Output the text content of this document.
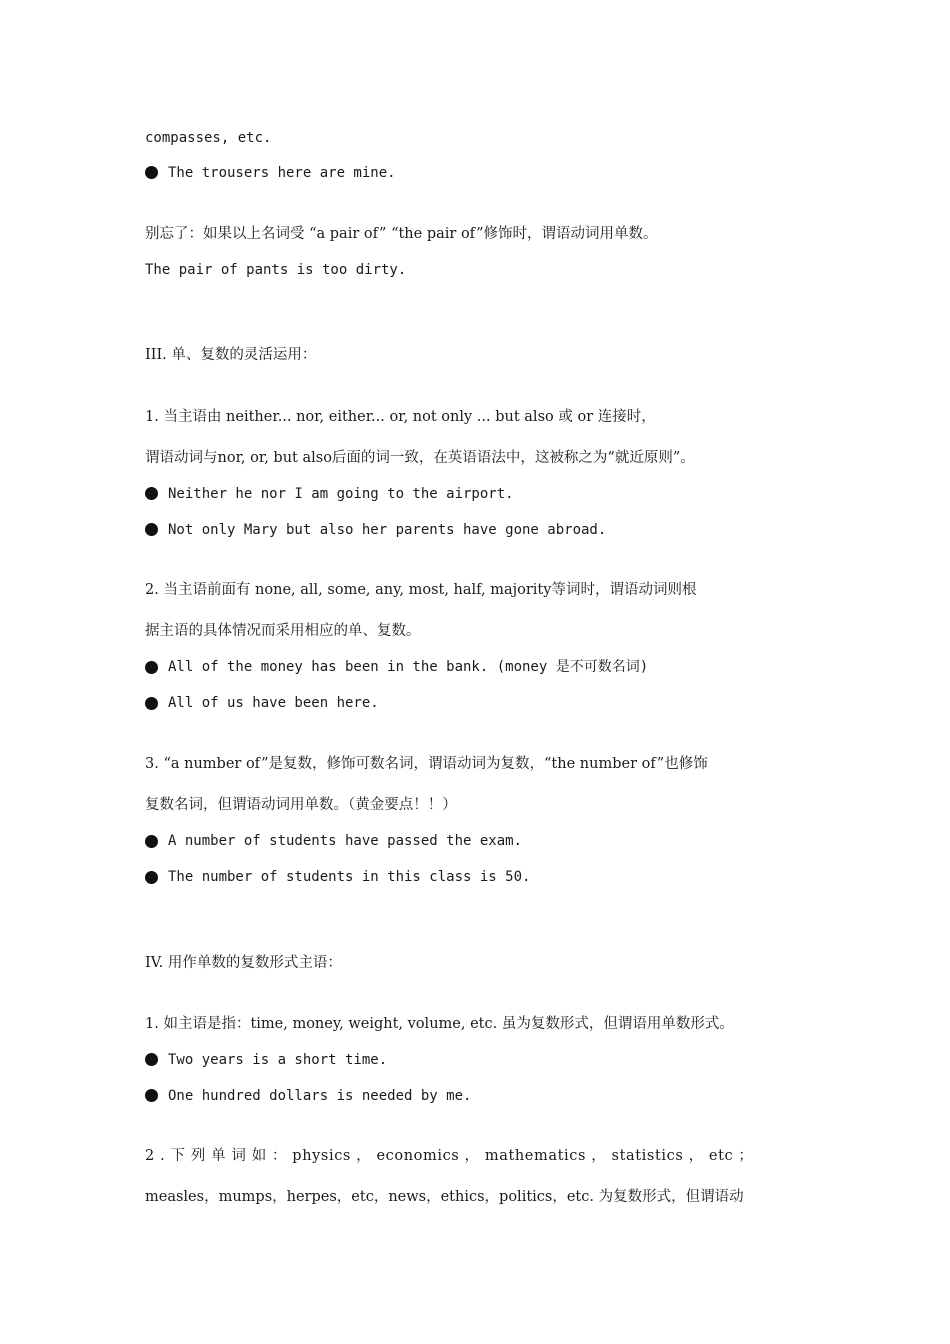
compasses, etc.
The trousers here are mine.
别忘了：如果以上名词受 “a pair of” “the pair of”修饰时，谓语动词用单数。
The pair of pants is too dirty.
III. 单、复数的灵活运用：
1. 当主语由 neither... nor, either... or, not only ... but also 或 or 连接时，
谓语动词与nor, or, but also后面的词一致，在英语语法中，这被称之为“就近原则”。
Neither he nor I am going to the airport.
Not only Mary but also her parents have gone abroad.
2. 当主语前面有 none, all, some, any, most, half, majority等词时，谓语动词则根
据主语的具体情况而采用相应的单、复数。
All of the money has been in the bank. (money 是不可数名词)
All of us have been here.
3. “a number of”是复数，修饰可数名词，谓语动词为复数，“the number of”也修饰
复数名词，但谓语动词用单数。（黄金要点！！）
A number of students have passed the exam.
The number of students in this class is 50.
IV. 用作单数的复数形式主语：
1. 如主语是指：time, money, weight, volume, etc. 虽为复数形式，但谓语用单数形式。
Two years is a short time.
One hundred dollars is needed by me.
2 . 下 列 单 词 如 ： physics ， economics ， mathematics ， statistics ， etc ；
measles，mumps，herpes，etc，news，ethics，politics，etc. 为复数形式，但谓语动
